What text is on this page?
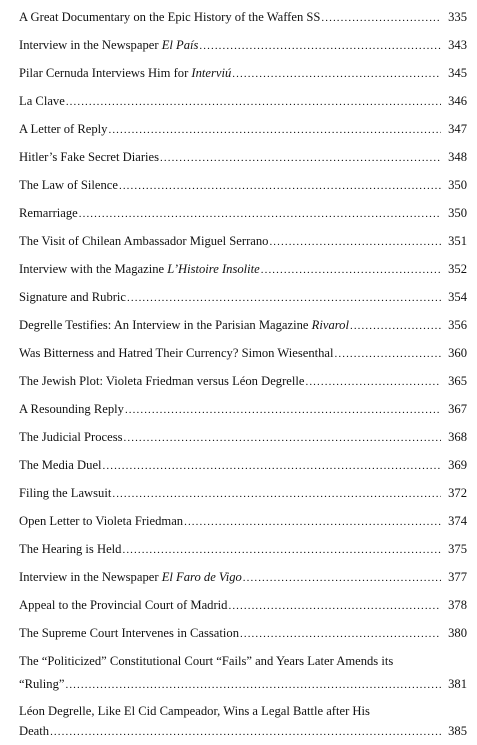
A Great Documentary on the Epic History of the Waffen SS .....	335
Interview in the Newspaper El País .....	343
Pilar Cernuda Interviews Him for Interviú .....	345
La Clave .....	346
A Letter of Reply .....	347
Hitler’s Fake Secret Diaries .....	348
The Law of Silence .....	350
Remarriage .....	350
The Visit of Chilean Ambassador Miguel Serrano .....	351
Interview with the Magazine L’Histoire Insolite .....	352
Signature and Rubric .....	354
Degrelle Testifies: An Interview in the Parisian Magazine Rivarol .....	356
Was Bitterness and Hatred Their Currency? Simon Wiesenthal .....	360
The Jewish Plot: Violeta Friedman versus Léon Degrelle .....	365
A Resounding Reply .....	367
The Judicial Process .....	368
The Media Duel .....	369
Filing the Lawsuit .....	372
Open Letter to Violeta Friedman .....	374
The Hearing is Held .....	375
Interview in the Newspaper El Faro de Vigo .....	377
Appeal to the Provincial Court of Madrid .....	378
The Supreme Court Intervenes in Cassation .....	380
The “Politicized” Constitutional Court “Fails” and Years Later Amends its
“Ruling” .....	381
Léon Degrelle, Like El Cid Campeador, Wins a Legal Battle after His
Death .....	385
